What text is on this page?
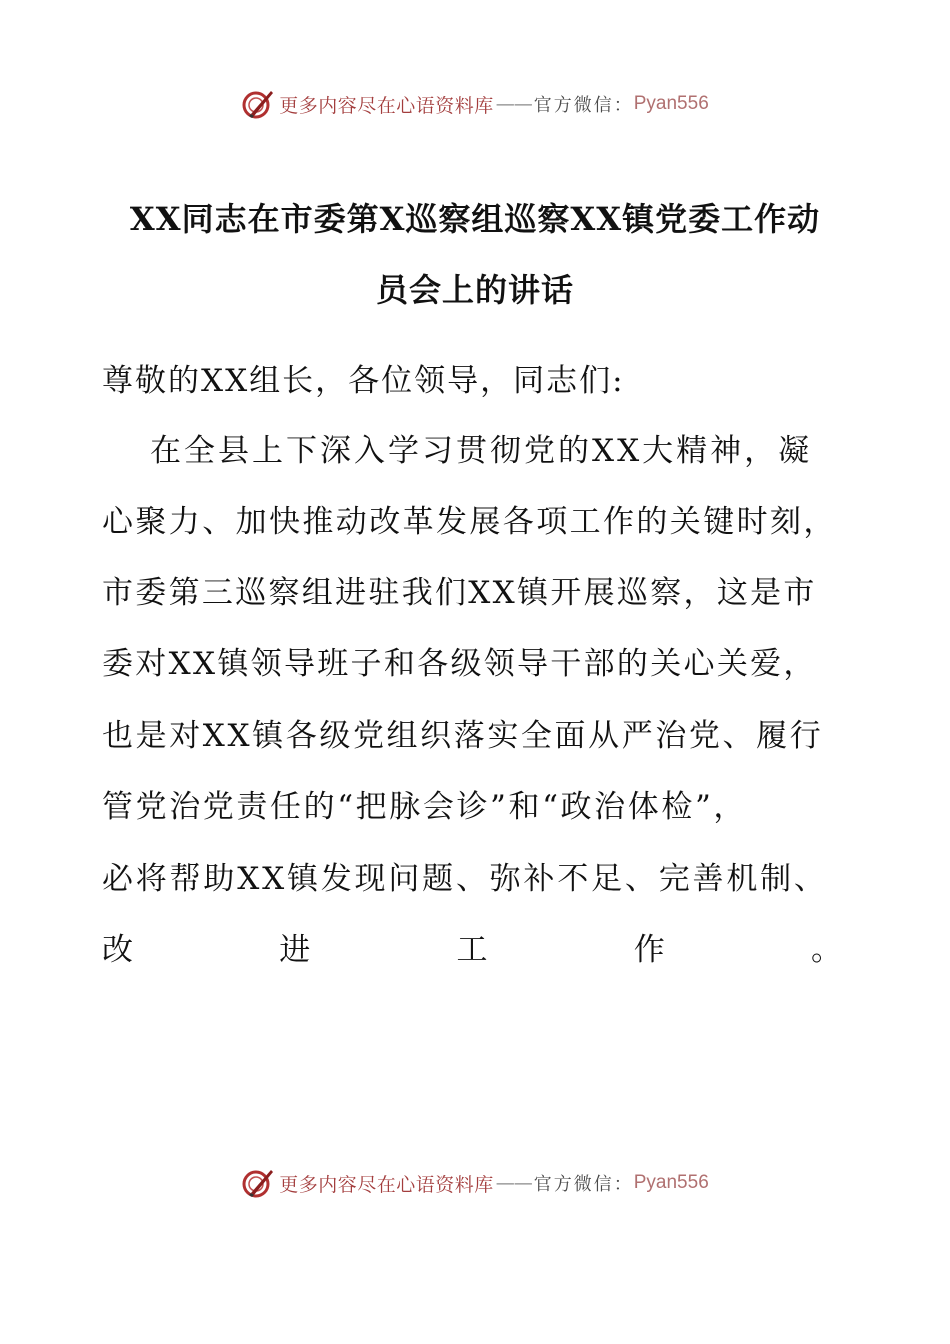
更多内容尽在心语资料库 —— 官方微信： Pyan556
XX同志在市委第X巡察组巡察XX镇党委工作动
员会上的讲话
尊敬的XX组长，各位领导，同志们:
在全县上下深入学习贯彻党的XX大精神，凝
心聚力、加快推动改革发展各项工作的关键时刻，
市委第三巡察组进驻我们XX镇开展巡察，这是市
委对XX镇领导班子和各级领导干部的关心关爱，
也是对XX镇各级党组织落实全面从严治党、履行
管党治党责任的“把脉会诊”和“政治体检”，
必将帮助XX镇发现问题、弥补不足、完善机制、
改	进	工	作	。
更多内容尽在心语资料库 —— 官方微信： Pyan556
